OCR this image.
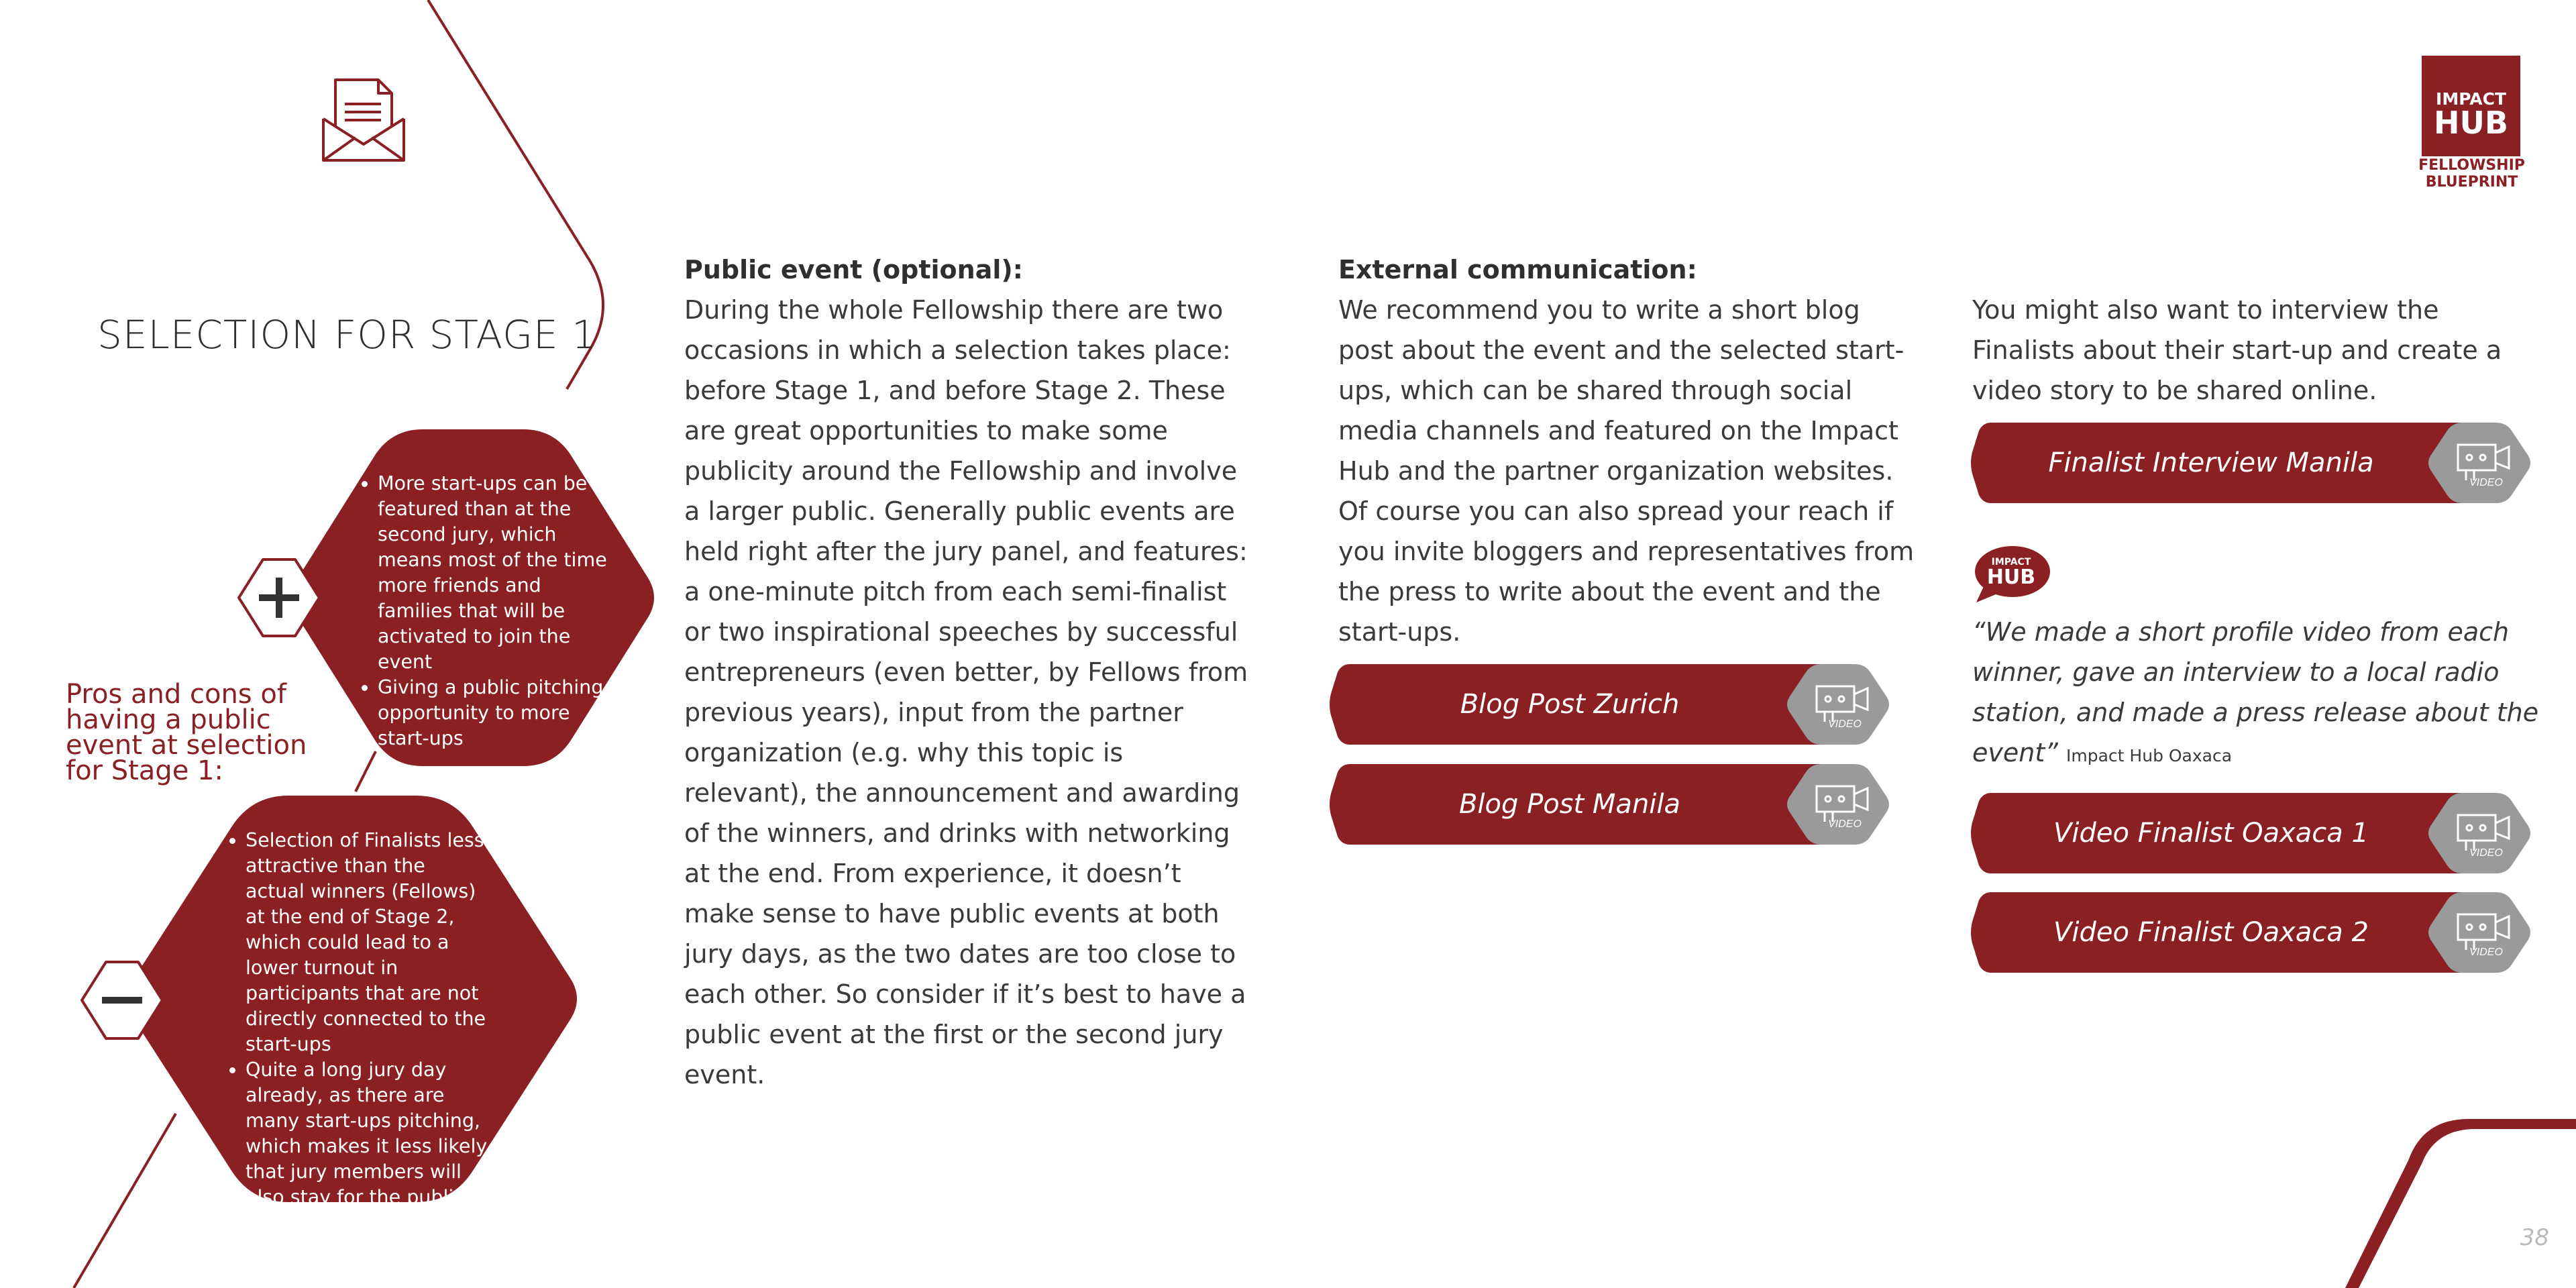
IMPACT
HUB
FELLOWSHIP
BLUEPRINT
SELECTION FOR STAGE 1
• More start-ups can be featured than at the second jury, which means most of the time more friends and families that will be activated to join the event
• Giving a public pitching opportunity to more start-ups
Pros and cons of having a public event at selection for Stage 1:
• Selection of Finalists less attractive than the actual winners (Fellows) at the end of Stage 2, which could lead to a lower turnout in participants that are not directly connected to the start-ups
• Quite a long jury day already, as there are many start-ups pitching, which makes it less likely that jury members will also stay for the public event
Public event (optional):
During the whole Fellowship there are two occasions in which a selection takes place: before Stage 1, and before Stage 2. These are great opportunities to make some publicity around the Fellowship and involve a larger public. Generally public events are held right after the jury panel, and features: a one-minute pitch from each semi-finalist or two inspirational speeches by successful entrepreneurs (even better, by Fellows from previous years), input from the partner organization (e.g. why this topic is relevant), the announcement and awarding of the winners, and drinks with networking at the end. From experience, it doesn’t make sense to have public events at both jury days, as the two dates are too close to each other. So consider if it’s best to have a public event at the first or the second jury event.
External communication:
We recommend you to write a short blog post about the event and the selected start-ups, which can be shared through social media channels and featured on the Impact Hub and the partner organization websites. Of course you can also spread your reach if you invite bloggers and representatives from the press to write about the event and the start-ups.
You might also want to interview the Finalists about their start-up and create a video story to be shared online.
IMPACT
HUB
“We made a short profile video from each winner, gave an interview to a local radio station, and made a press release about the event” Impact Hub Oaxaca
VIDEO
Blog Post Zurich
VIDEO
Blog Post Manila
VIDEO
Finalist Interview Manila
VIDEO
Video Finalist Oaxaca 1
VIDEO
Video Finalist Oaxaca 2
38
